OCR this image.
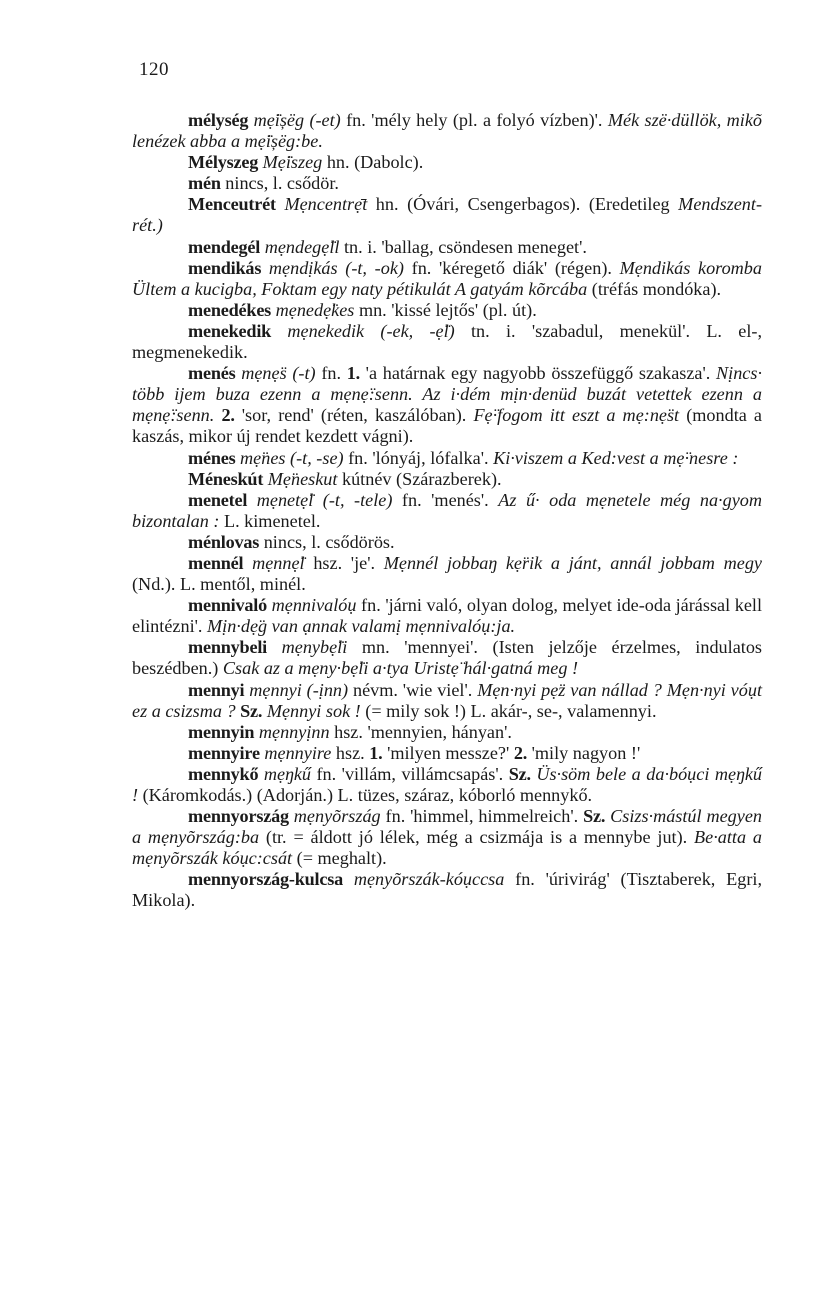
120

mélység mẹ̈ișëg (-et) fn. 'mély hely (pl. a folyó vízben)'. Mék szë·düllök, mikõ lenézek abba a mẹ̈ișëg:be.

Mélyszeg Mẹ̈iszeg hn. (Dabolc).

mén nincs, l. csődör.

Menceutrét Mẹncentrẹ̄t hn. (Óvári, Csengerbagos). (Eredetileg Mendszent-rét.)

mendegél mẹndegẹ̈ll tn. i. 'ballag, csöndesen meneget'.

mendikás mẹndịkás (-t, -ok) fn. 'kéregető diák' (régen). Mẹndikás koromba Ültem a kucigba, Foktam egy naty pétikulát A gatyám kõrcába (tréfás mondóka).

menedékes mẹnedẹ̈kes mn. 'kissé lejtős' (pl. út).

menekedik mẹnekedik (-ek, -ẹ̈l) tn. i. 'szabadul, menekül'. L. el-, megmenekedik.

menés mẹnẹ̈s (-t) fn. 1. 'a határnak egy nagyobb összefüggő szakasza'. Nịncs· több ijem buza ezenn a mẹnẹ̈:senn. Az i·dém mịn·denüd buzát vetettek ezenn a mẹnẹ̈:senn. 2. 'sor, rend' (réten, kaszálóban). Fẹ̈·fogom itt eszt a mẹ:nẹ̈st (mondta a kaszás, mikor új rendet kezdett vágni).

ménes mẹ̈nes (-t, -se) fn. 'lónyáj, lófalka'. Ki·viszem a Ked:vest a mẹ̈·nesre :

Méneskút Mẹ̈neskut kútnév (Szárazberek).

menetel mẹnetẹ̈l (-t, -tele) fn. 'menés'. Az ű· oda mẹnetele még na·gyom bizontalan : L. kimenetel.

ménlovas nincs, l. csődörös.

mennél mẹnnẹ̈l hsz. 'je'. Mẹnnél jobbaŋ kẹ̈rik a jánt, annál jobbam megy (Nd.). L. mentől, minél.

mennivaló mẹnnivalóụ fn. 'járni való, olyan dolog, melyet ide-oda járással kell elintézni'. Mịn·dẹ̈g van ạnnak valamị mẹnnivalóụ:ja.

mennybeli mẹnybẹ̈li mn. 'mennyei'. (Isten jelzője érzelmes, indulatos beszédben.) Csak az a mẹny·bẹ̈li a·tya Uristẹ̈ hál·gatná meg !

mennyi mẹnnyi (-ịnn) névm. 'wie viel'. Mẹn·nyi pẹ̈z van nállad ? Mẹn·nyi vóụt ez a csizsma ? Sz. Mẹnnyi sok ! (= mily sok !) L. akár-, se-, valamennyi.

mennyin mẹnnyịnn hsz. 'mennyien, hányan'.

mennyire mẹnnyire hsz. 1. 'milyen messze?' 2. 'mily nagyon !'

mennykő mẹŋkű fn. 'villám, villámcsapás'. Sz. Üs·söm bele a da·bóụci mẹŋkű ! (Káromkodás.) (Adorján.) L. tüzes, száraz, kóborló mennykő.

mennyország mẹnyõrszág fn. 'himmel, himmelreich'. Sz. Csizs·mástúl megyen a mẹnyõrszág:ba (tr. = áldott jó lélek, még a csizmája is a mennybe jut). Be·atta a mẹnyõrszák kóục:csát (= meghalt).

mennyország-kulcsa mẹnyõrszák-kóụccsa fn. 'úrivirág' (Tisztaberek, Egri, Mikola).
